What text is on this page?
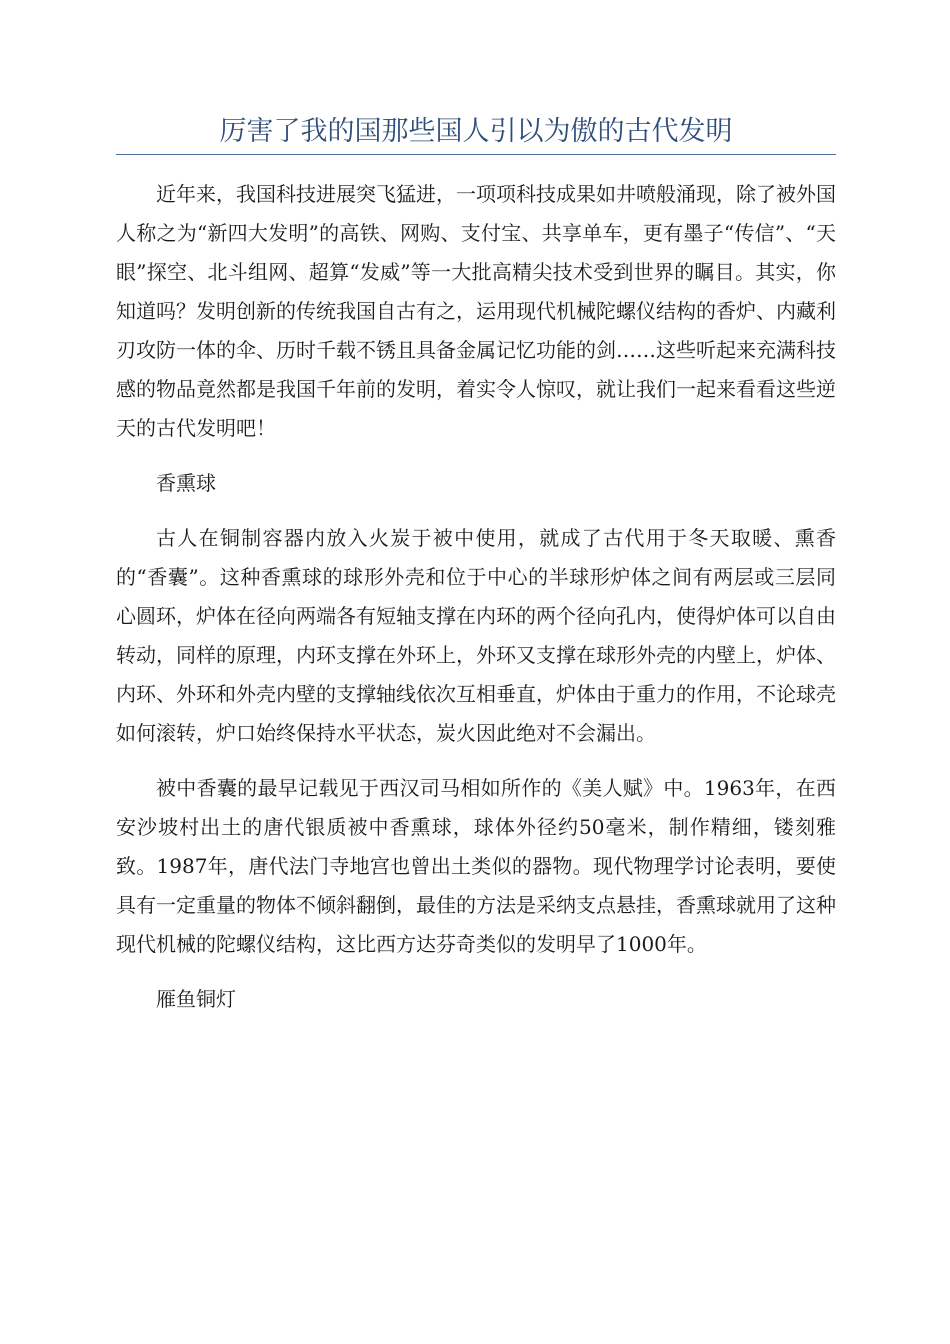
厉害了我的国那些国人引以为傲的古代发明

近年来，我国科技进展突飞猛进，一项项科技成果如井喷般涌现，除了被外国人称之为“新四大发明”的高铁、网购、支付宝、共享单车，更有墨子“传信”、“天眼”探空、北斗组网、超算“发威”等一大批高精尖技术受到世界的瞩目。其实，你知道吗？发明创新的传统我国自古有之，运用现代机械陀螺仪结构的香炉、内藏利刃攻防一体的伞、历时千载不锈且具备金属记忆功能的剑……这些听起来充满科技感的物品竟然都是我国千年前的发明，着实令人惊叹，就让我们一起来看看这些逆天的古代发明吧！

香熏球

古人在铜制容器内放入火炭于被中使用，就成了古代用于冬天取暖、熏香的“香囊”。这种香熏球的球形外壳和位于中心的半球形炉体之间有两层或三层同心圆环，炉体在径向两端各有短轴支撑在内环的两个径向孔内，使得炉体可以自由转动，同样的原理，内环支撑在外环上，外环又支撑在球形外壳的内壁上，炉体、内环、外环和外壳内壁的支撑轴线依次互相垂直，炉体由于重力的作用，不论球壳如何滚转，炉口始终保持水平状态，炭火因此绝对不会漏出。

被中香囊的最早记载见于西汉司马相如所作的《美人赋》中。1963年，在西安沙坡村出土的唐代银质被中香熏球，球体外径约50毫米，制作精细，镂刻雅致。1987年，唐代法门寺地宫也曾出土类似的器物。现代物理学讨论表明，要使具有一定重量的物体不倾斜翻倒，最佳的方法是采纳支点悬挂，香熏球就用了这种现代机械的陀螺仪结构，这比西方达芬奇类似的发明早了1000年。

雁鱼铜灯
